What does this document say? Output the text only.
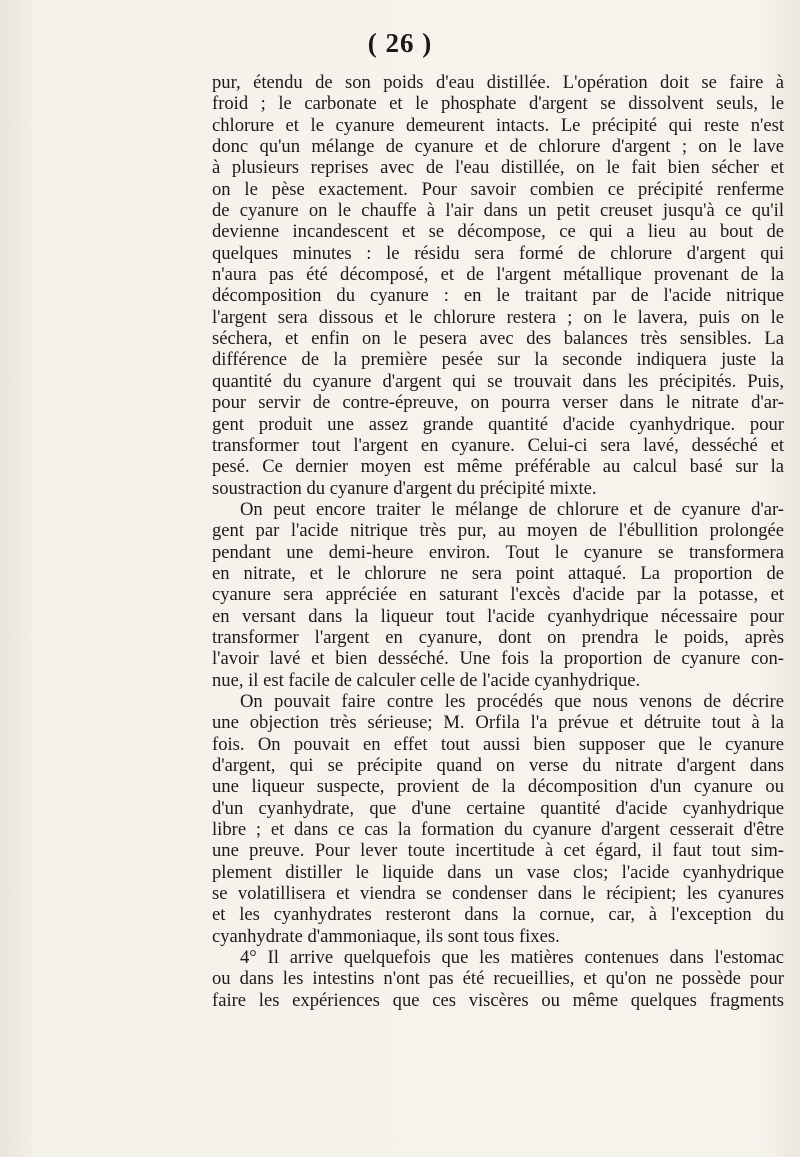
( 26 )
pur, étendu de son poids d'eau distillée. L'opération doit se faire à
froid ; le carbonate et le phosphate d'argent se dissolvent seuls, le
chlorure et le cyanure demeurent intacts. Le précipité qui reste n'est
donc qu'un mélange de cyanure et de chlorure d'argent ; on le lave
à plusieurs reprises avec de l'eau distillée, on le fait bien sécher et
on le pèse exactement. Pour savoir combien ce précipité renferme
de cyanure on le chauffe à l'air dans un petit creuset jusqu'à ce qu'il
devienne incandescent et se décompose, ce qui a lieu au bout de
quelques minutes : le résidu sera formé de chlorure d'argent qui
n'aura pas été décomposé, et de l'argent métallique provenant de la
décomposition du cyanure : en le traitant par de l'acide nitrique
l'argent sera dissous et le chlorure restera ; on le lavera, puis on le
séchera, et enfin on le pesera avec des balances très sensibles. La
différence de la première pesée sur la seconde indiquera juste la
quantité du cyanure d'argent qui se trouvait dans les précipités. Puis,
pour servir de contre-épreuve, on pourra verser dans le nitrate d'ar-
gent produit une assez grande quantité d'acide cyanhydrique. pour
transformer tout l'argent en cyanure. Celui-ci sera lavé, desséché et
pesé. Ce dernier moyen est même préférable au calcul basé sur la
soustraction du cyanure d'argent du précipité mixte.
On peut encore traiter le mélange de chlorure et de cyanure d'ar-
gent par l'acide nitrique très pur, au moyen de l'ébullition prolongée
pendant une demi-heure environ. Tout le cyanure se transformera
en nitrate, et le chlorure ne sera point attaqué. La proportion de
cyanure sera appréciée en saturant l'excès d'acide par la potasse, et
en versant dans la liqueur tout l'acide cyanhydrique nécessaire pour
transformer l'argent en cyanure, dont on prendra le poids, après
l'avoir lavé et bien desséché. Une fois la proportion de cyanure con-
nue, il est facile de calculer celle de l'acide cyanhydrique.
On pouvait faire contre les procédés que nous venons de décrire
une objection très sérieuse; M. Orfila l'a prévue et détruite tout à la
fois. On pouvait en effet tout aussi bien supposer que le cyanure
d'argent, qui se précipite quand on verse du nitrate d'argent dans
une liqueur suspecte, provient de la décomposition d'un cyanure ou
d'un cyanhydrate, que d'une certaine quantité d'acide cyanhydrique
libre ; et dans ce cas la formation du cyanure d'argent cesserait d'être
une preuve. Pour lever toute incertitude à cet égard, il faut tout sim-
plement distiller le liquide dans un vase clos; l'acide cyanhydrique
se volatillisera et viendra se condenser dans le récipient; les cyanures
et les cyanhydrates resteront dans la cornue, car, à l'exception du
cyanhydrate d'ammoniaque, ils sont tous fixes.
4° Il arrive quelquefois que les matières contenues dans l'estomac
ou dans les intestins n'ont pas été recueillies, et qu'on ne possède pour
faire les expériences que ces viscères ou même quelques fragments
